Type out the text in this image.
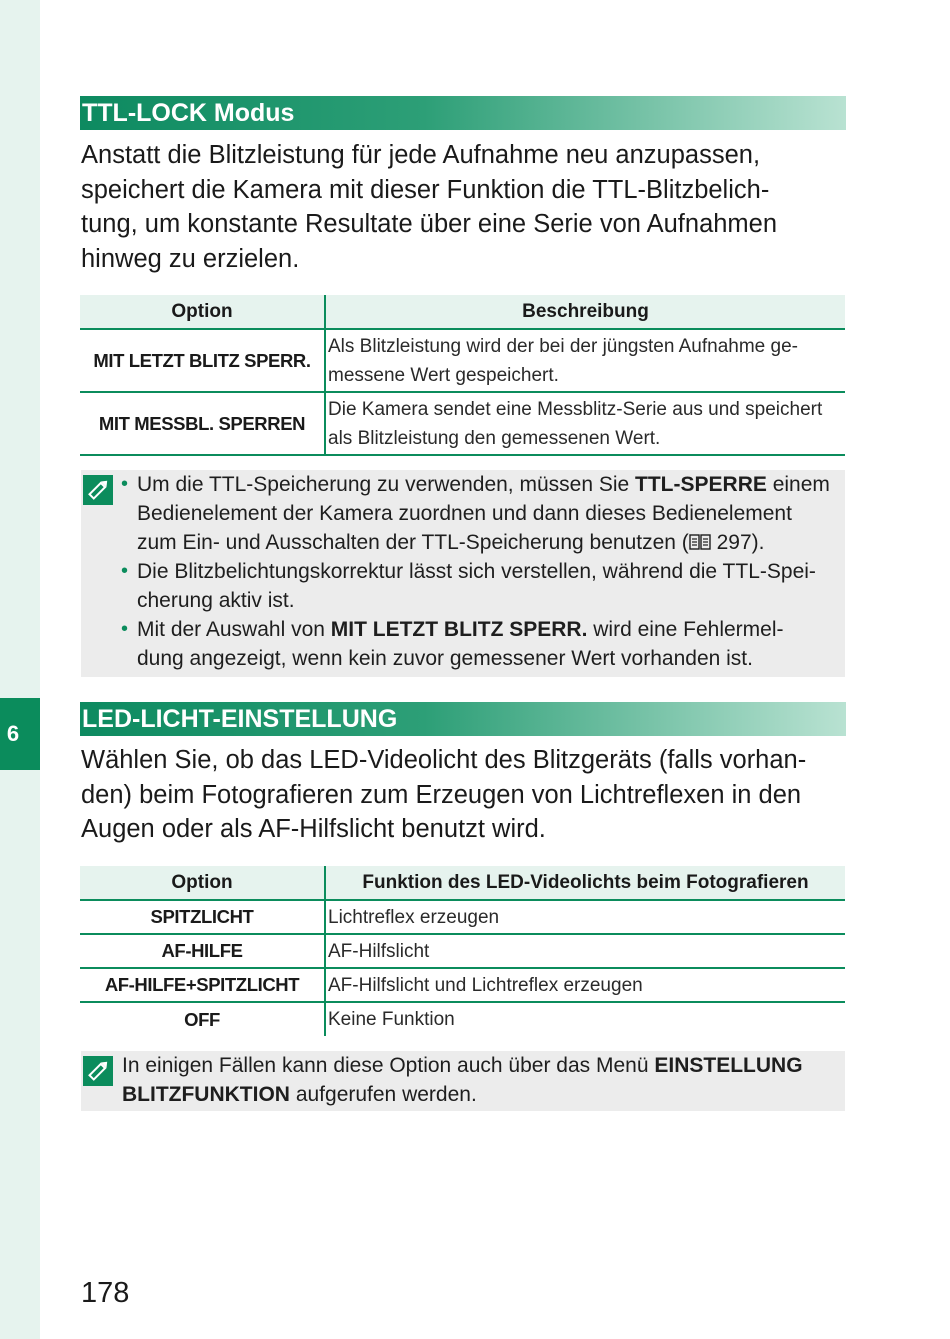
6
TTL-LOCK Modus

Anstatt die Blitzleistung für jede Aufnahme neu anzupassen,
speichert die Kamera mit dieser Funktion die TTL-Blitzbelich-
tung, um konstante Resultate über eine Serie von Aufnahmen
hinweg zu erzielen.

Option	Beschreibung
MIT LETZT BLITZ SPERR.	Als Blitzleistung wird der bei der jüngsten Aufnahme ge-
messene Wert gespeichert.

MIT MESSBL. SPERREN	Die Kamera sendet eine Messblitz-Serie aus und speichert
als Blitzleistung den gemessenen Wert.
• Um die TTL-Speicherung zu verwenden, müssen Sie TTL-SPERRE einem
Bedienelement der Kamera zuordnen und dann dieses Bedienelement
zum Ein- und Ausschalten der TTL-Speicherung benutzen ( 297).
• Die Blitzbelichtungskorrektur lässt sich verstellen, während die TTL-Spei-
cherung aktiv ist.
• Mit der Auswahl von MIT LETZT BLITZ SPERR. wird eine Fehlermel-
dung angezeigt, wenn kein zuvor gemessener Wert vorhanden ist.
LED-LICHT-EINSTELLUNG

Wählen Sie, ob das LED-Videolicht des Blitzgeräts (falls vorhan-
den) beim Fotografieren zum Erzeugen von Lichtreflexen in den
Augen oder als AF-Hilfslicht benutzt wird.

Option	Funktion des LED-Videolichts beim Fotografieren
SPITZLICHT	Lichtreflex erzeugen
AF-HILFE	AF-Hilfslicht
AF-HILFE+SPITZLICHT	AF-Hilfslicht und Lichtreflex erzeugen
OFF	Keine Funktion
In einigen Fällen kann diese Option auch über das Menü EINSTELLUNG
BLITZFUNKTION aufgerufen werden.
178
